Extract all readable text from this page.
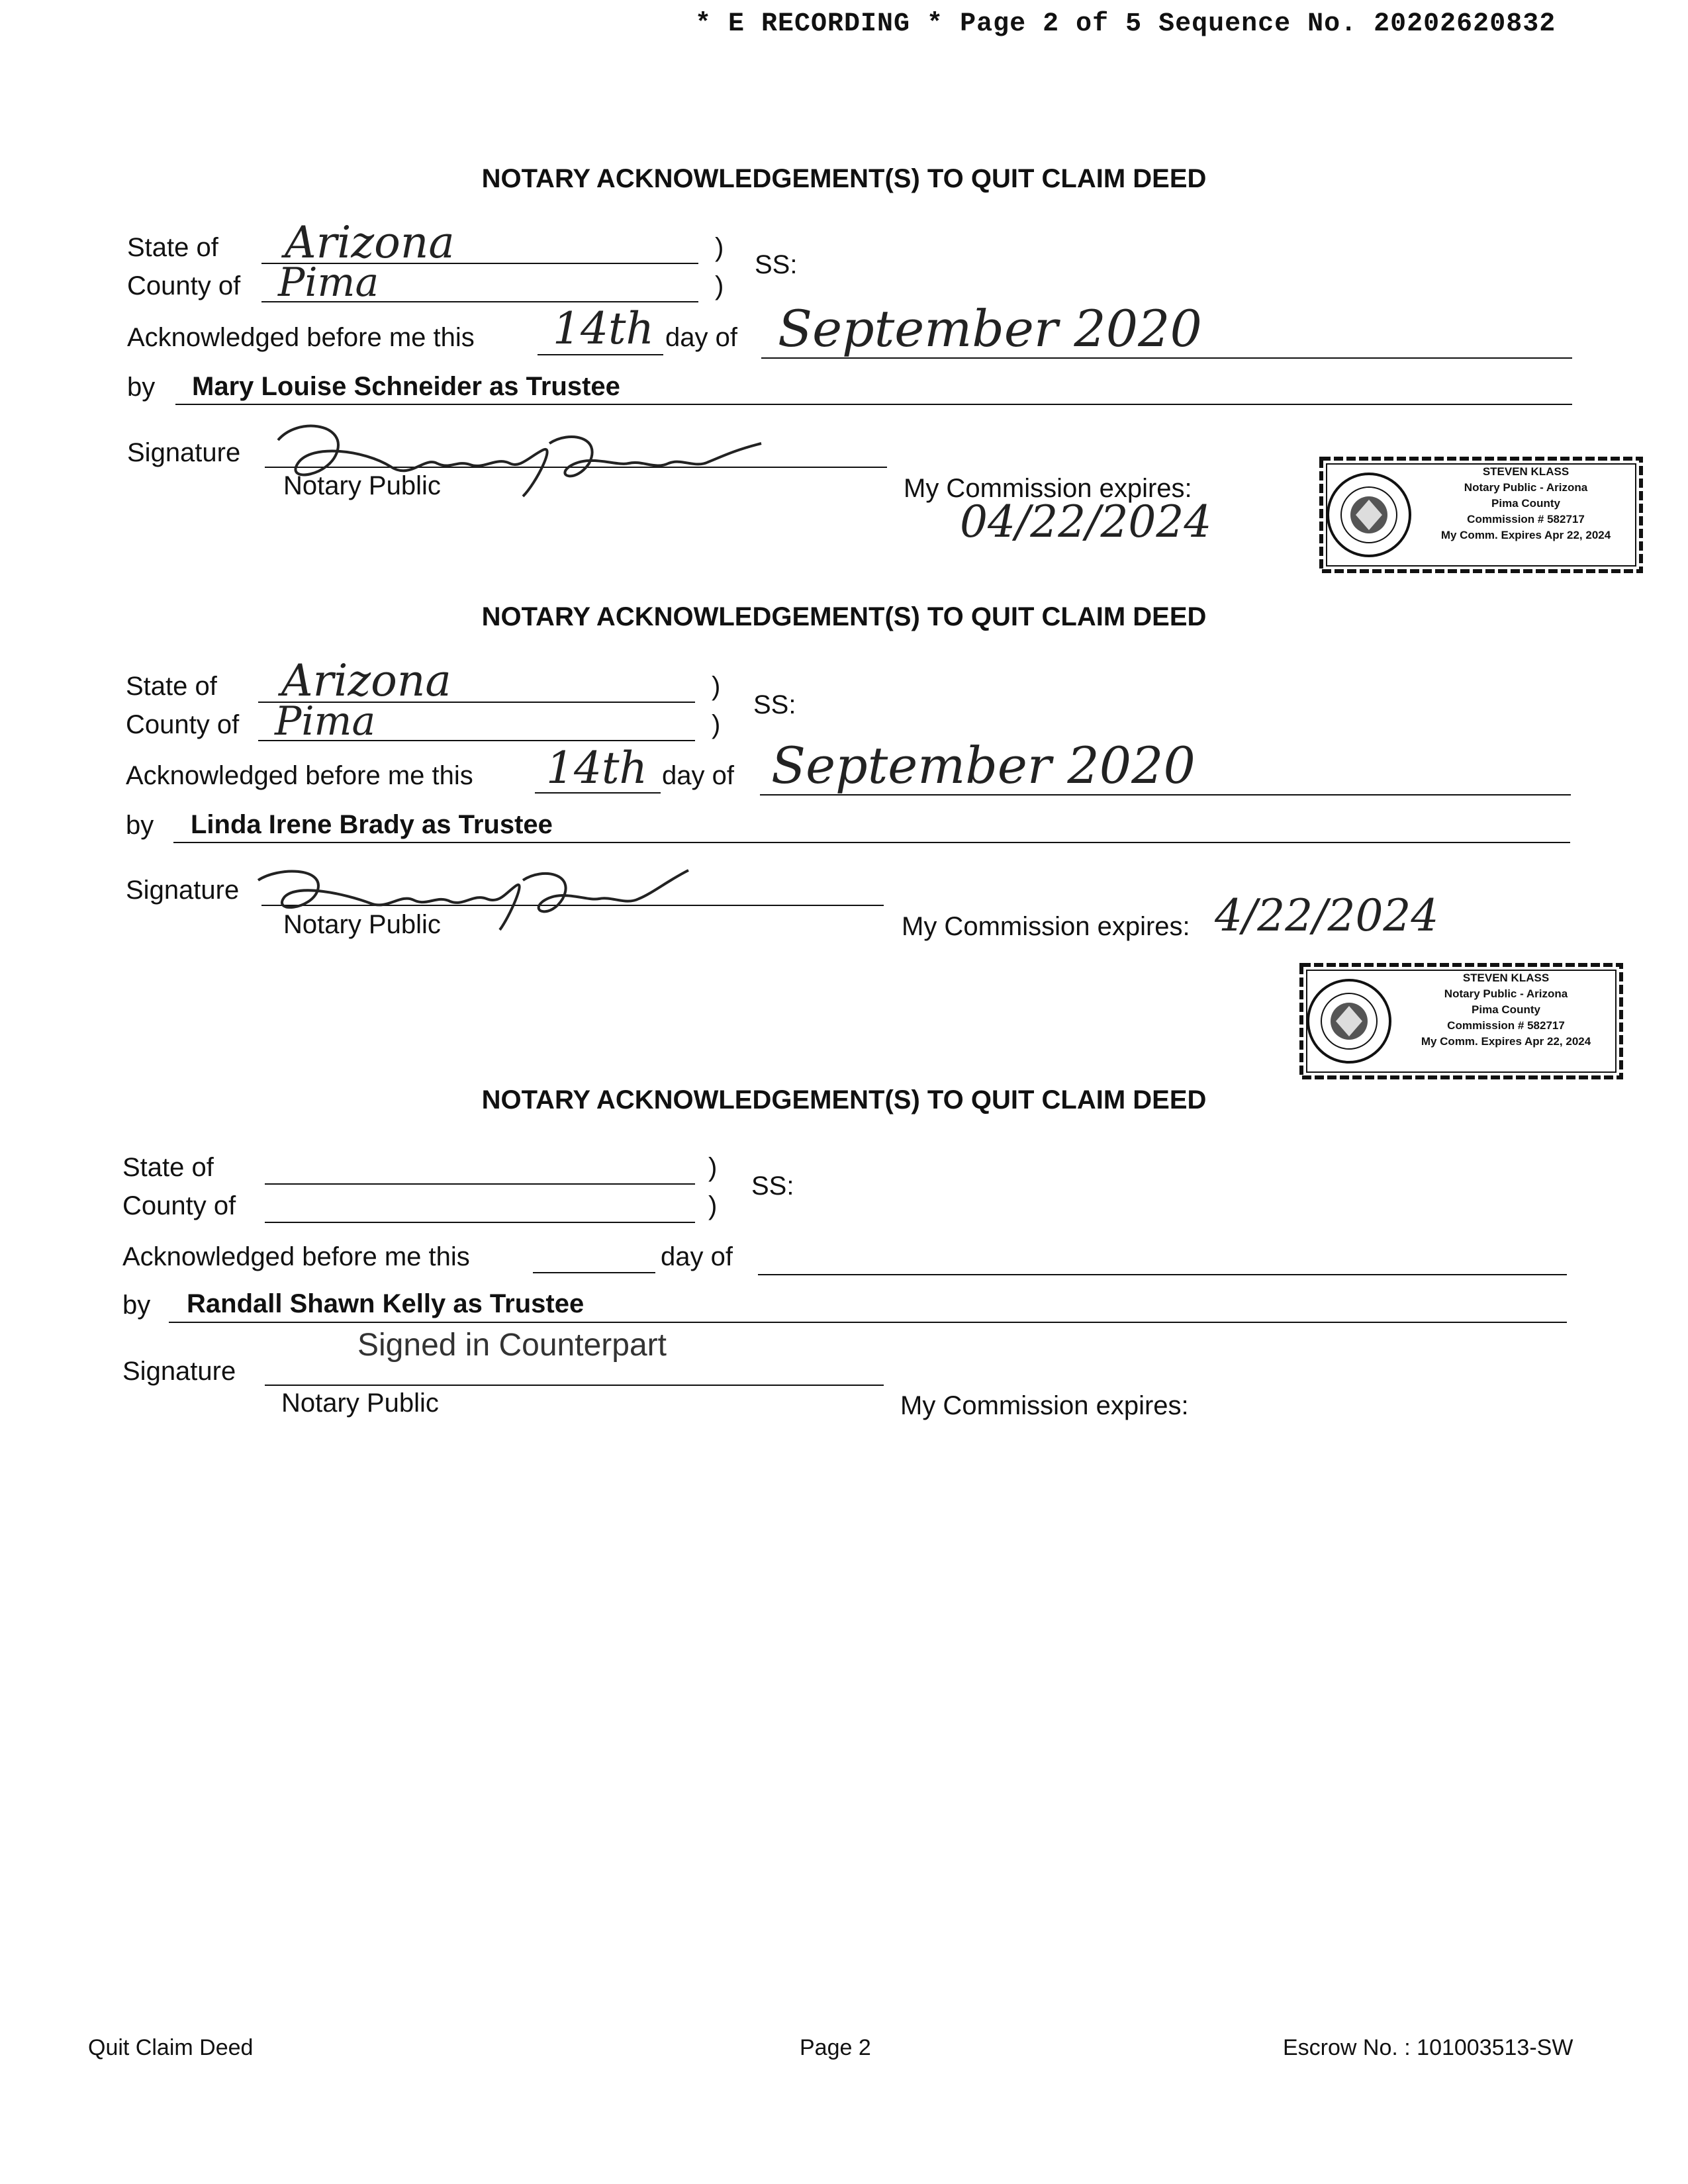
* E RECORDING * Page 2 of 5 Sequence No. 20202620832
NOTARY ACKNOWLEDGEMENT(S) TO QUIT CLAIM DEED
State of Arizona	)
County of Pima	)
SS:
Acknowledged before me this 14th day of September 2020
by Mary Louise Schneider as Trustee
Signature
Notary Public	My Commission expires:
04/22/2024
STEVEN KLASS
Notary Public - Arizona
Pima County
Commission # 582717
My Comm. Expires Apr 22, 2024
NOTARY ACKNOWLEDGEMENT(S) TO QUIT CLAIM DEED
State of Arizona	)
County of Pima	)
SS:
Acknowledged before me this 14th day of September 2020
by Linda Irene Brady as Trustee
Signature
Notary Public	My Commission expires: 4/22/2024
STEVEN KLASS
Notary Public - Arizona
Pima County
Commission # 582717
My Comm. Expires Apr 22, 2024
NOTARY ACKNOWLEDGEMENT(S) TO QUIT CLAIM DEED
State of	)
County of	)
SS:
Acknowledged before me this	day of
by Randall Shawn Kelly as Trustee
Signed in Counterpart
Signature
Notary Public	My Commission expires:
Quit Claim Deed	Page 2	Escrow No. : 101003513-SW
